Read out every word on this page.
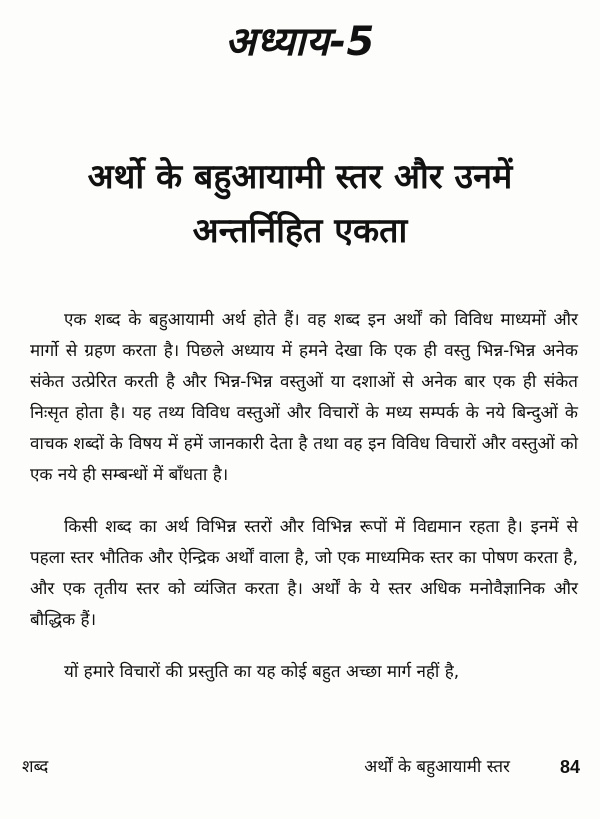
अध्याय-5
अर्थो के बहुआयामी स्तर और उनमें
अन्तर्निहित एकता

एक शब्द के बहुआयामी अर्थ होते हैं। वह शब्द इन अर्थों को विविध माध्यमों और मार्गो से ग्रहण करता है। पिछले अध्याय में हमने देखा कि एक ही वस्तु भिन्न-भिन्न अनेक संकेत उत्प्रेरित करती है और भिन्न-भिन्न वस्तुओं या दशाओं से अनेक बार एक ही संकेत निःसृत होता है। यह तथ्य विविध वस्तुओं और विचारों के मध्य सम्पर्क के नये बिन्दुओं के वाचक शब्दों के विषय में हमें जानकारी देता है तथा वह इन विविध विचारों और वस्तुओं को एक नये ही सम्बन्धों में बाँधता है।

किसी शब्द का अर्थ विभिन्न स्तरों और विभिन्न रूपों में विद्यमान रहता है। इनमें से पहला स्तर भौतिक और ऐन्द्रिक अर्थों वाला है, जो एक माध्यमिक स्तर का पोषण करता है, और एक तृतीय स्तर को व्यंजित करता है। अर्थों के ये स्तर अधिक मनोवैज्ञानिक और बौद्धिक हैं।

यों हमारे विचारों की प्रस्तुति का यह कोई बहुत अच्छा मार्ग नहीं है,

शब्द	अर्थों के बहुआयामी स्तर	84
